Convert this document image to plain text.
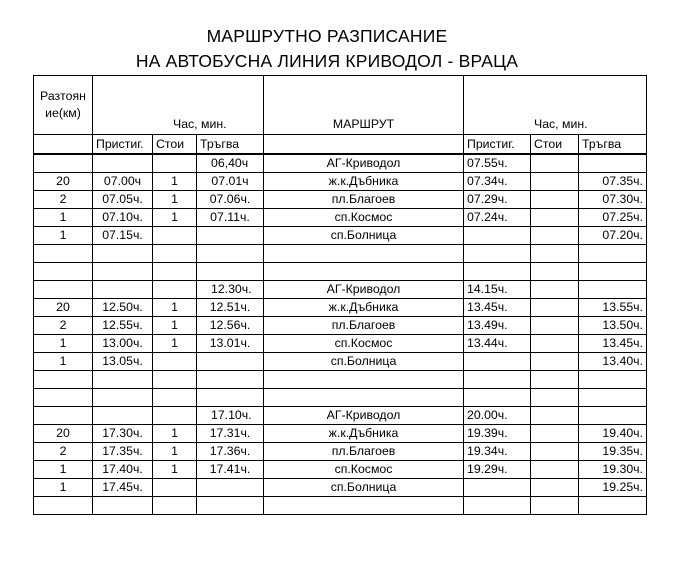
МАРШРУТНО РАЗПИСАНИЕ
НА АВТОБУСНА ЛИНИЯ КРИВОДОЛ - ВРАЦА
Разтоян
ие(км)	Час, мин.			МАРШРУТ	Час, мин.		
	Пристиг.	Стои	Тръгва		Пристиг.	Стои	Тръгва
			06,40ч	АГ-Криводол	07.55ч.		
20	07.00ч	1	07.01ч	ж.к.Дъбника	07.34ч.		07.35ч.
2	07.05ч.	1	07.06ч.	пл.Благоев	07.29ч.		07.30ч.
1	07.10ч.	1	07.11ч.	сп.Космос	07.24ч.		07.25ч.
1	07.15ч.			сп.Болница			07.20ч.

			12.30ч.	АГ-Криводол	14.15ч.		
20	12.50ч.	1	12.51ч.	ж.к.Дъбника	13.45ч.		13.55ч.
2	12.55ч.	1	12.56ч.	пл.Благоев	13.49ч.		13.50ч.
1	13.00ч.	1	13.01ч.	сп.Космос	13.44ч.		13.45ч.
1	13.05ч.			сп.Болница			13.40ч.

			17.10ч.	АГ-Криводол	20.00ч.		
20	17.30ч.	1	17.31ч.	ж.к.Дъбника	19.39ч.		19.40ч.
2	17.35ч.	1	17.36ч.	пл.Благоев	19.34ч.		19.35ч.
1	17.40ч.	1	17.41ч.	сп.Космос	19.29ч.		19.30ч.
1	17.45ч.			сп.Болница			19.25ч.
